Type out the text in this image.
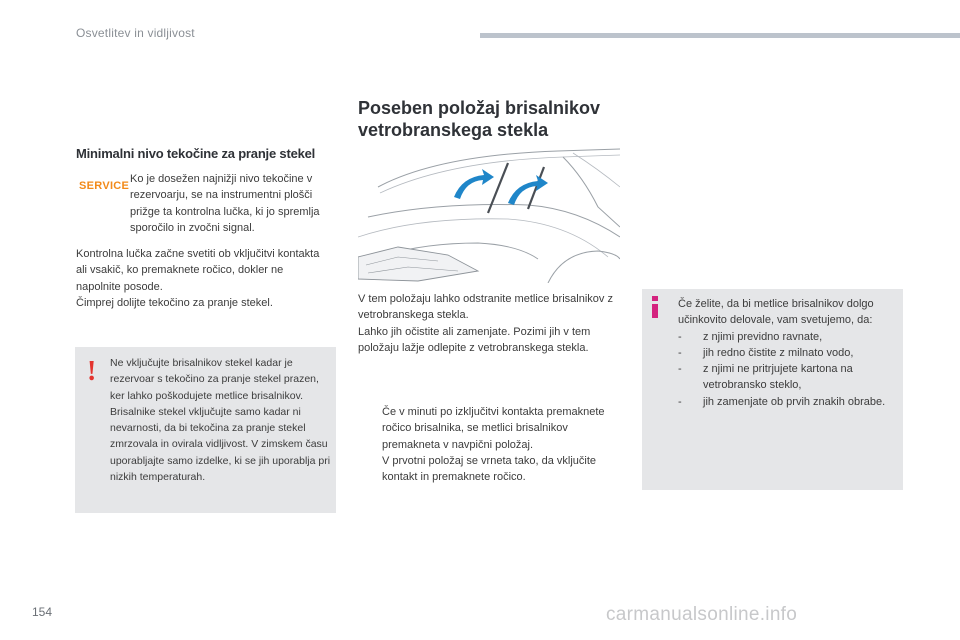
Osvetlitev in vidljivost
Minimalni nivo tekočine za pranje stekel
SERVICE
Ko je dosežen najnižji nivo tekočine v rezervoarju, se na instrumentni plošči prižge ta kontrolna lučka, ki jo spremlja sporočilo in zvočni signal.

Kontrolna lučka začne svetiti ob vključitvi kontakta ali vsakič, ko premaknete ročico, dokler ne napolnite posode.

Čimprej dolijte tekočino za pranje stekel.

! Ne vključujte brisalnikov stekel kadar je rezervoar s tekočino za pranje stekel prazen, ker lahko poškodujete metlice brisalnikov.

Brisalnike stekel vključujte samo kadar ni nevarnosti, da bi tekočina za pranje stekel zmrzovala in ovirala vidljivost. V zimskem času uporabljajte samo izdelke, ki se jih uporablja pri nizkih temperaturah.

Poseben položaj brisalnikov
vetrobranskega stekla

V tem položaju lahko odstranite metlice brisalnikov z vetrobranskega stekla.

Lahko jih očistite ali zamenjate. Pozimi jih v tem položaju lažje odlepite z vetrobranskega stekla.

Če v minuti po izključitvi kontakta premaknete ročico brisalnika, se metlici brisalnikov premakneta v navpični položaj.
V prvotni položaj se vrneta tako, da vključite kontakt in premaknete ročico.

Če želite, da bi metlice brisalnikov dolgo učinkovito delovale, vam svetujemo, da:

-	z njimi previdno ravnate,
-	jih redno čistite z milnato vodo,
-	z njimi ne pritrjujete kartona na vetrobransko steklo,
-	jih zamenjate ob prvih znakih obrabe.
154	carmanualsonline.info
